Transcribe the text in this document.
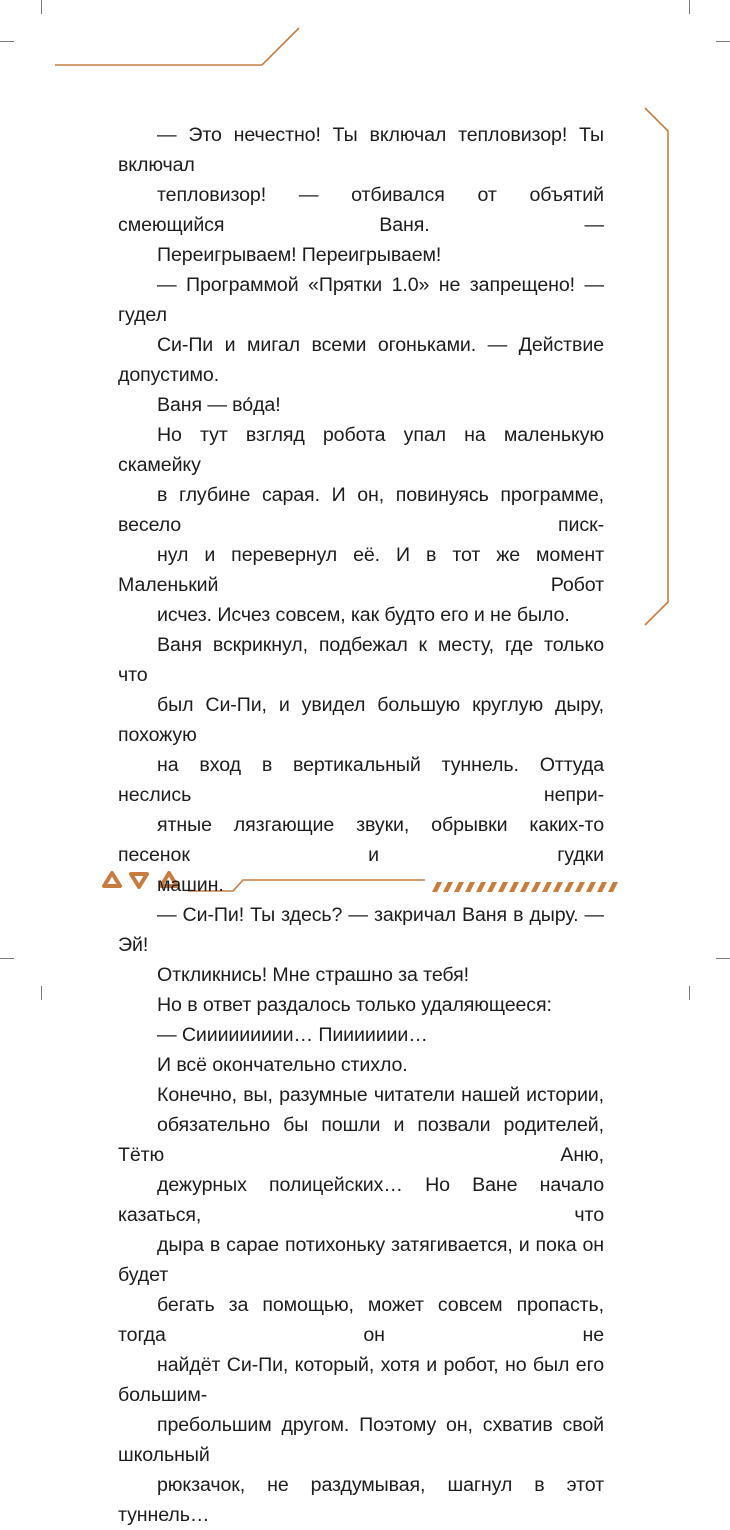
— Это нечестно! Ты включал тепловизор! Ты включал
тепловизор! — отбивался от объятий смеющийся Ваня. —
Переигрываем! Переигрываем!

— Программой «Прятки 1.0» не запрещено! — гудел
Си-Пи и мигал всеми огоньками. — Действие допустимо.
Ваня — во́да!

Но тут взгляд робота упал на маленькую скамейку
в глубине сарая. И он, повинуясь программе, весело писк-
нул и перевернул её. И в тот же момент Маленький Робот
исчез. Исчез совсем, как будто его и не было.

Ваня вскрикнул, подбежал к месту, где только что
был Си-Пи, и увидел большую круглую дыру, похожую
на вход в вертикальный туннель. Оттуда неслись непри-
ятные лязгающие звуки, обрывки каких-то песенок и гудки
машин.

— Си-Пи! Ты здесь? — закричал Ваня в дыру. — Эй!
Откликнись! Мне страшно за тебя!

Но в ответ раздалось только удаляющееся:

— Сиииииииии… Пиииииии…

И всё окончательно стихло.

Конечно, вы, разумные читатели нашей истории,
обязательно бы пошли и позвали родителей, Тётю Аню,
дежурных полицейских… Но Ване начало казаться, что
дыра в сарае потихоньку затягивается, и пока он будет
бегать за помощью, может совсем пропасть, тогда он не
найдёт Си-Пи, который, хотя и робот, но был его большим-
пребольшим другом. Поэтому он, схватив свой школьный
рюкзачок, не раздумывая, шагнул в этот туннель…
